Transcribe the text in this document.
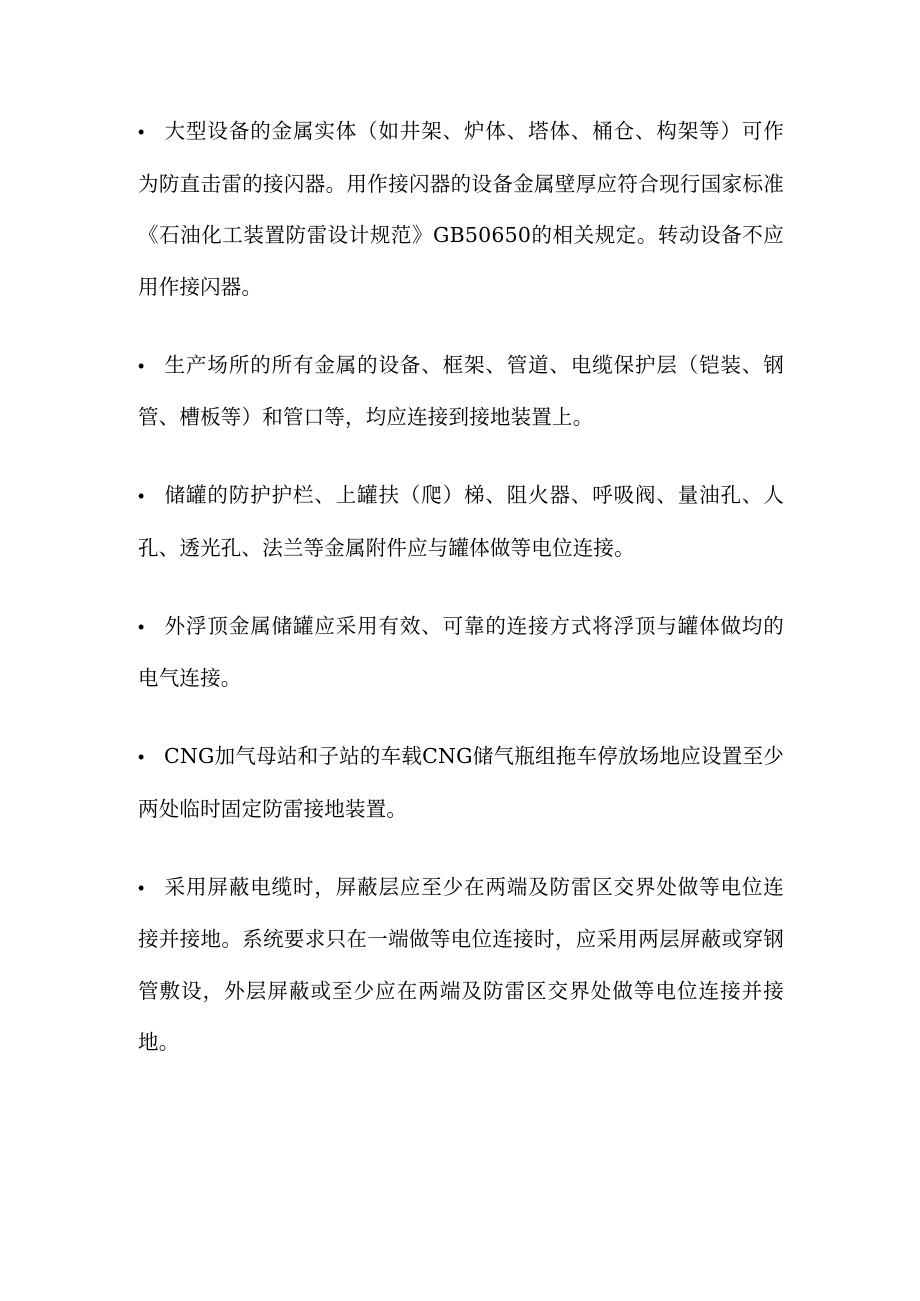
• 大型设备的金属实体（如井架、炉体、塔体、桶仓、构架等）可作为防直击雷的接闪器。用作接闪器的设备金属壁厚应符合现行国家标准《石油化工装置防雷设计规范》GB50650的相关规定。转动设备不应用作接闪器。

• 生产场所的所有金属的设备、框架、管道、电缆保护层（铠装、钢管、槽板等）和管口等，均应连接到接地装置上。

• 储罐的防护护栏、上罐扶（爬）梯、阻火器、呼吸阀、量油孔、人孔、透光孔、法兰等金属附件应与罐体做等电位连接。

• 外浮顶金属储罐应采用有效、可靠的连接方式将浮顶与罐体做均的电气连接。

• CNG加气母站和子站的车载CNG储气瓶组拖车停放场地应设置至少两处临时固定防雷接地装置。

• 采用屏蔽电缆时，屏蔽层应至少在两端及防雷区交界处做等电位连接并接地。系统要求只在一端做等电位连接时，应采用两层屏蔽或穿钢管敷设，外层屏蔽或至少应在两端及防雷区交界处做等电位连接并接地。
